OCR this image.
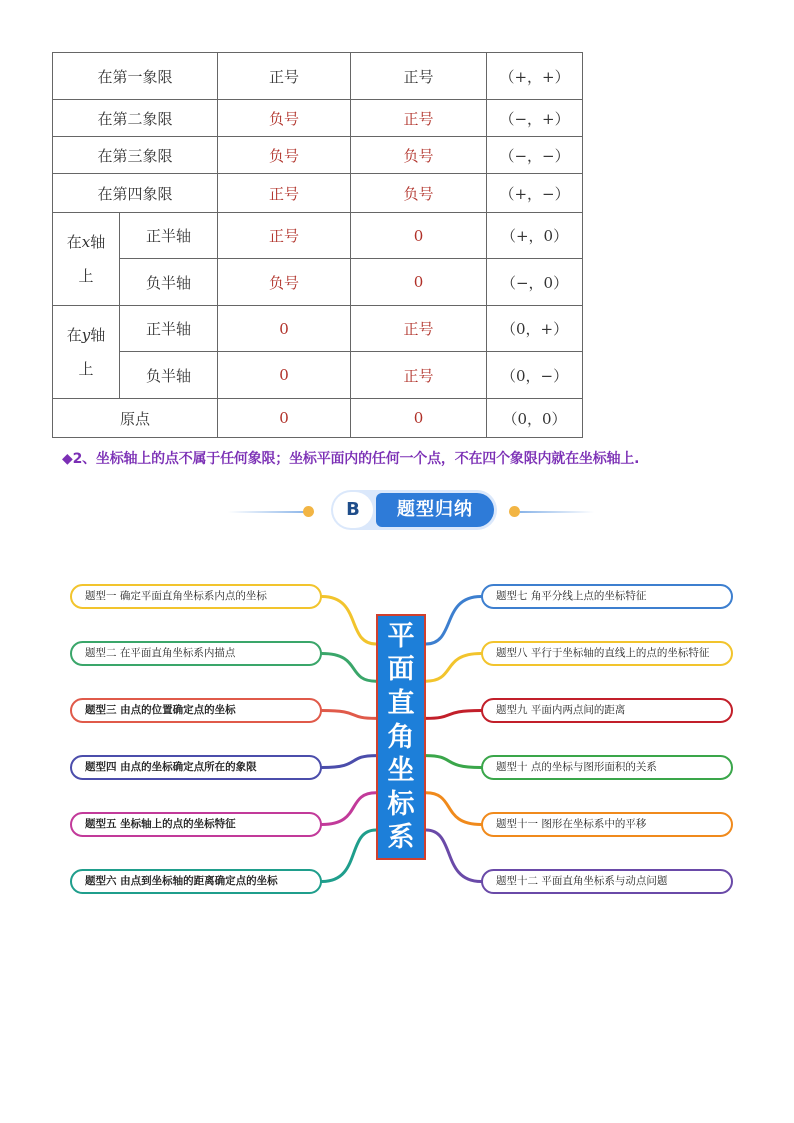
在第一象限		正号	正号	（+，+）
在第二象限		负号	正号	（−，+）
在第三象限		负号	负号	（−，−）
在第四象限		正号	负号	（+，−）
在x轴
上	正半轴	正号	0	（+，0）
	负半轴	负号	0	（−，0）
在y轴
上	正半轴	0	正号	（0，+）
	负半轴	0	正号	（0，−）
原点		0	0	（0，0）
◆2、坐标轴上的点不属于任何象限；坐标平面内的任何一个点，不在四个象限内就在坐标轴上.
B	题型归纳
平
面
直
角
坐
标
系
题型一 确定平面直角坐标系内点的坐标
题型二 在平面直角坐标系内描点
题型三 由点的位置确定点的坐标
题型四 由点的坐标确定点所在的象限
题型五 坐标轴上的点的坐标特征
题型六 由点到坐标轴的距离确定点的坐标
题型七 角平分线上点的坐标特征
题型八 平行于坐标轴的直线上的点的坐标特征
题型九 平面内两点间的距离
题型十 点的坐标与图形面积的关系
题型十一 图形在坐标系中的平移
题型十二 平面直角坐标系与动点问题
